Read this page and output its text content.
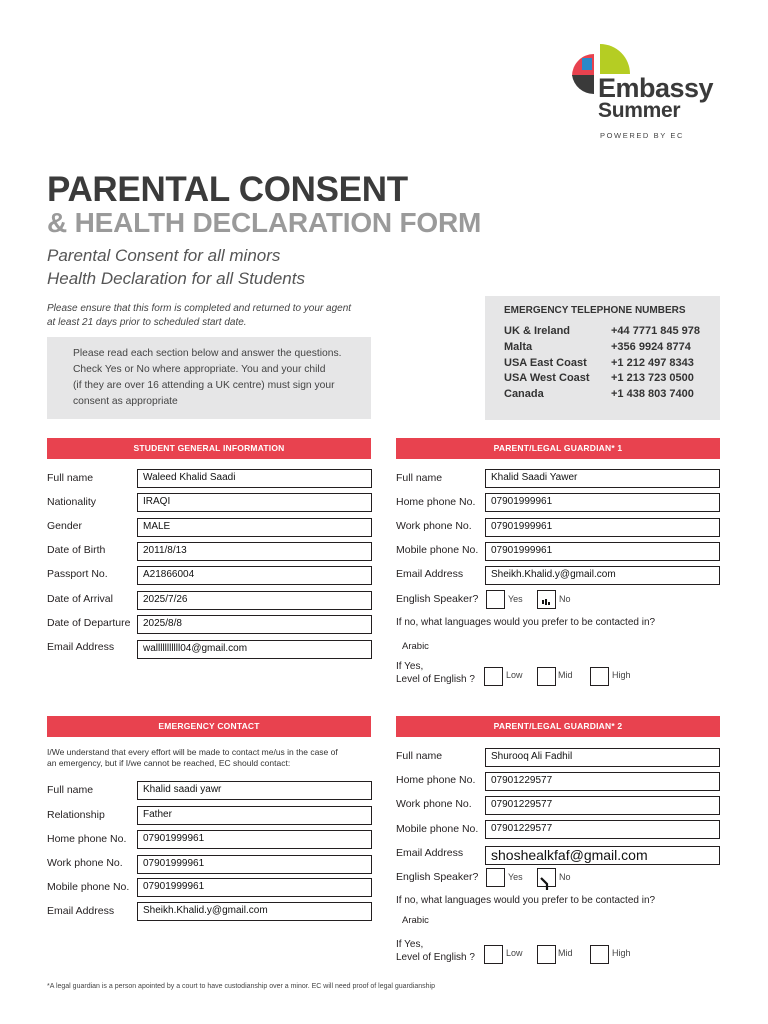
Embassy
Summer
POWERED BY EC
PARENTAL CONSENT
& HEALTH DECLARATION FORM
Parental Consent for all minors
Health Declaration for all Students
Please ensure that this form is completed and returned to your agent
at least 21 days prior to scheduled start date.
Please read each section below and answer the questions.
Check Yes or No where appropriate. You and your child
(if they are over 16 attending a UK centre) must sign your
consent as appropriate
EMERGENCY TELEPHONE NUMBERS
UK & Ireland	+44 7771 845 978
Malta	+356 9924 8774
USA East Coast	+1 212 497 8343
USA West Coast	+1 213 723 0500
Canada	+1 438 803 7400
STUDENT GENERAL INFORMATION
Full name	Waleed Khalid Saadi
Nationality	IRAQI
Gender	MALE
Date of Birth	2011/8/13
Passport No.	A21866004
Date of Arrival	2025/7/26
Date of Departure	2025/8/8
Email Address	walllllllllll04@gmail.com
PARENT/LEGAL GUARDIAN* 1
Full name	Khalid Saadi Yawer
Home phone No.	07901999961
Work phone No.	07901999961
Mobile phone No.	07901999961
Email Address	Sheikh.Khalid.y@gmail.com
English Speaker?	Yes	No
If no, what languages would you prefer to be contacted in?
Arabic
If Yes,
Level of English ?	Low	Mid	High
EMERGENCY CONTACT
I/We understand that every effort will be made to contact me/us in the case of
an emergency, but if I/we cannot be reached, EC should contact:
Full name	Khalid saadi yawr
Relationship	Father
Home phone No.	07901999961
Work phone No.	07901999961
Mobile phone No.	07901999961
Email Address	Sheikh.Khalid.y@gmail.com
PARENT/LEGAL GUARDIAN* 2
Full name	Shurooq Ali Fadhil
Home phone No.	07901229577
Work phone No.	07901229577
Mobile phone No.	07901229577
Email Address	shoshealkfaf@gmail.com
English Speaker?	Yes	No
If no, what languages would you prefer to be contacted in?
Arabic
If Yes,
Level of English ?	Low	Mid	High
*A legal guardian is a person apointed by a court to have custodianship over a minor. EC will need proof of legal guardianship
